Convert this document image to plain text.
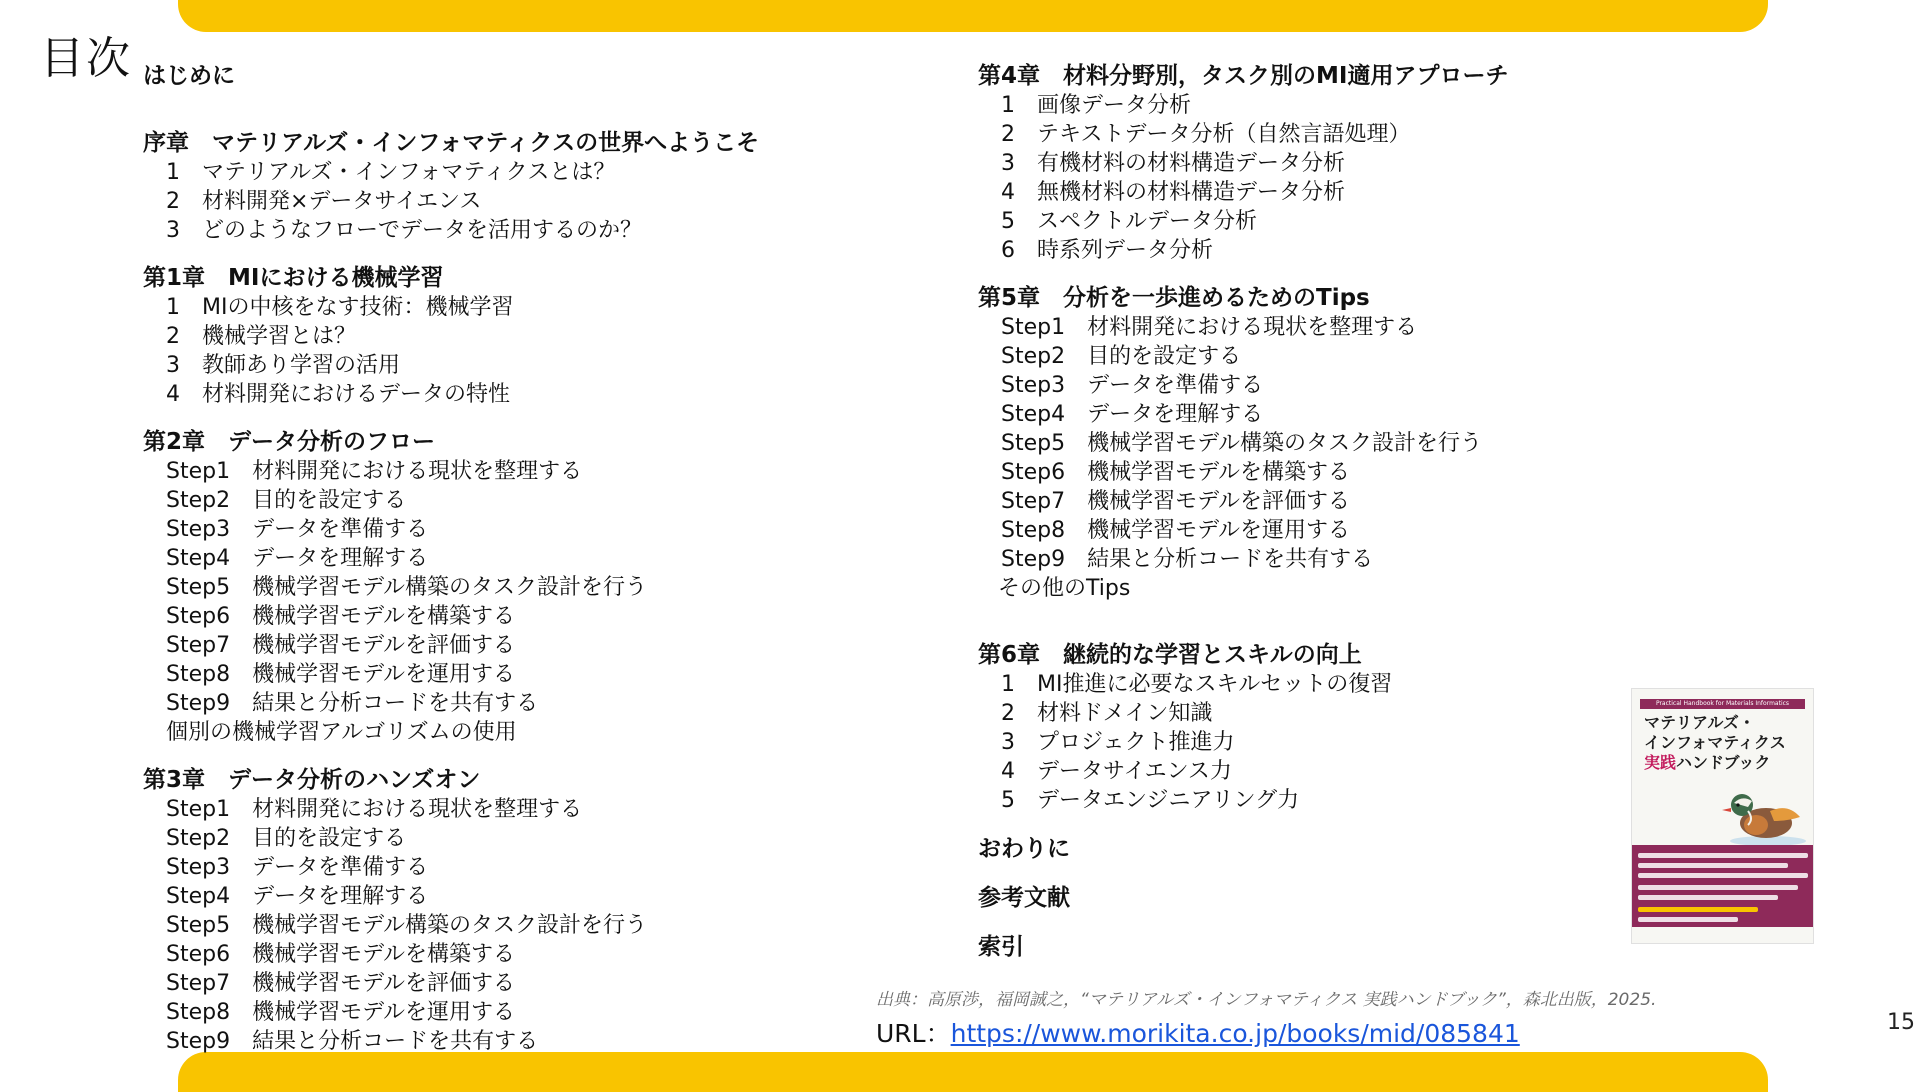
目次 はじめに
序章　マテリアルズ・インフォマティクスの世界へようこそ
1　マテリアルズ・インフォマティクスとは？
2　材料開発×データサイエンス
3　どのようなフローでデータを活用するのか？
第1章　MIにおける機械学習
1　MIの中核をなす技術：機械学習
2　機械学習とは？
3　教師あり学習の活用
4　材料開発におけるデータの特性
第2章　データ分析のフロー
Step1　材料開発における現状を整理する
Step2　目的を設定する
Step3　データを準備する
Step4　データを理解する
Step5　機械学習モデル構築のタスク設計を行う
Step6　機械学習モデルを構築する
Step7　機械学習モデルを評価する
Step8　機械学習モデルを運用する
Step9　結果と分析コードを共有する
個別の機械学習アルゴリズムの使用
第3章　データ分析のハンズオン
Step1　材料開発における現状を整理する
Step2　目的を設定する
Step3　データを準備する
Step4　データを理解する
Step5　機械学習モデル構築のタスク設計を行う
Step6　機械学習モデルを構築する
Step7　機械学習モデルを評価する
Step8　機械学習モデルを運用する
Step9　結果と分析コードを共有する
第4章　材料分野別，タスク別のMI適用アプローチ
1　画像データ分析
2　テキストデータ分析（自然言語処理）
3　有機材料の材料構造データ分析
4　無機材料の材料構造データ分析
5　スペクトルデータ分析
6　時系列データ分析
第5章　分析を一歩進めるためのTips
Step1　材料開発における現状を整理する
Step2　目的を設定する
Step3　データを準備する
Step4　データを理解する
Step5　機械学習モデル構築のタスク設計を行う
Step6　機械学習モデルを構築する
Step7　機械学習モデルを評価する
Step8　機械学習モデルを運用する
Step9　結果と分析コードを共有する
その他のTips
第6章　継続的な学習とスキルの向上
1　MI推進に必要なスキルセットの復習
2　材料ドメイン知識
3　プロジェクト推進力
4　データサイエンス力
5　データエンジニアリング力
おわりに
参考文献
索引
Practical Handbook for Materials Informatics
マテリアルズ・
インフォマティクス
実践ハンドブック
出典：高原渉，福岡誠之，“マテリアルズ・インフォマティクス 実践ハンドブック”，森北出版，2025.
URL：https://www.morikita.co.jp/books/mid/085841	15
